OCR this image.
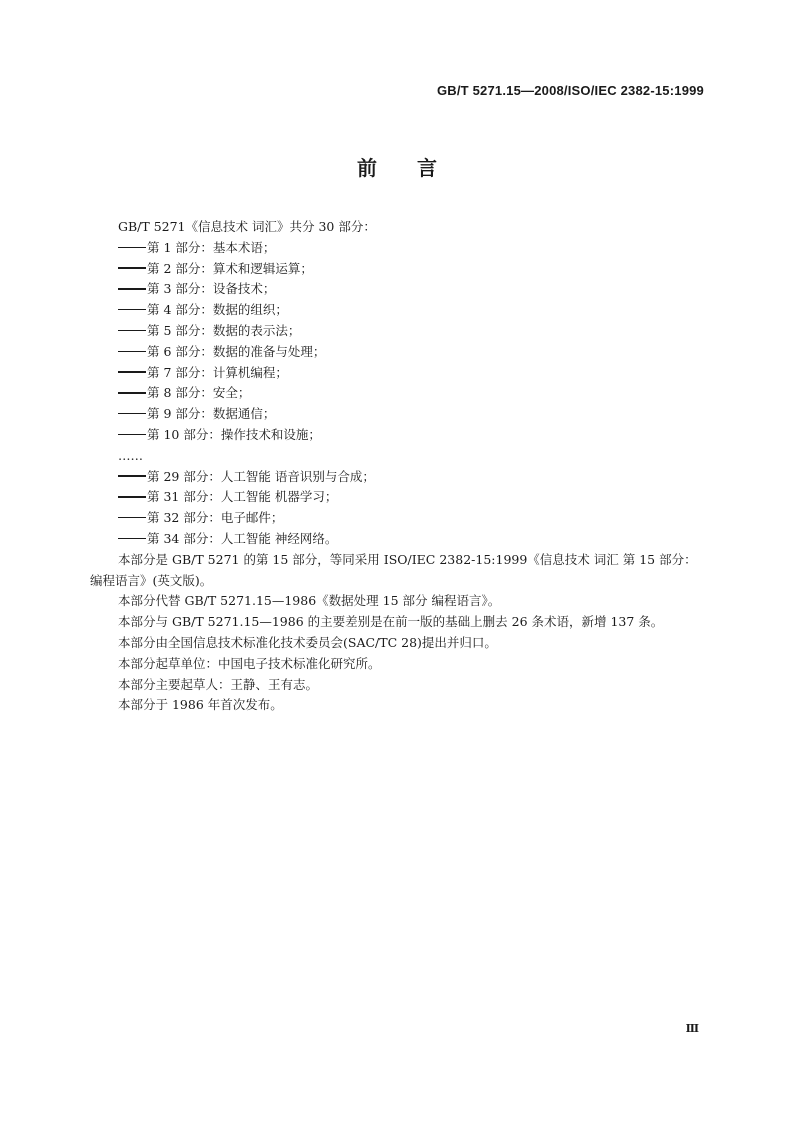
GB/T 5271.15—2008/ISO/IEC 2382-15:1999
前 言

GB/T 5271《信息技术 词汇》共分 30 部分：

第 1 部分：基本术语；

第 2 部分：算术和逻辑运算；

第 3 部分：设备技术；

第 4 部分：数据的组织；

第 5 部分：数据的表示法；

第 6 部分：数据的准备与处理；

第 7 部分：计算机编程；

第 8 部分：安全；

第 9 部分：数据通信；

第 10 部分：操作技术和设施；

……

第 29 部分：人工智能 语音识别与合成；

第 31 部分：人工智能 机器学习；

第 32 部分：电子邮件；

第 34 部分：人工智能 神经网络。

本部分是 GB/T 5271 的第 15 部分，等同采用 ISO/IEC 2382-15:1999《信息技术 词汇 第 15 部分：编程语言》(英文版)。

本部分代替 GB/T 5271.15—1986《数据处理 15 部分 编程语言》。

本部分与 GB/T 5271.15—1986 的主要差别是在前一版的基础上删去 26 条术语，新增 137 条。

本部分由全国信息技术标准化技术委员会(SAC/TC 28)提出并归口。

本部分起草单位：中国电子技术标准化研究所。

本部分主要起草人：王静、王有志。

本部分于 1986 年首次发布。

Ⅲ
